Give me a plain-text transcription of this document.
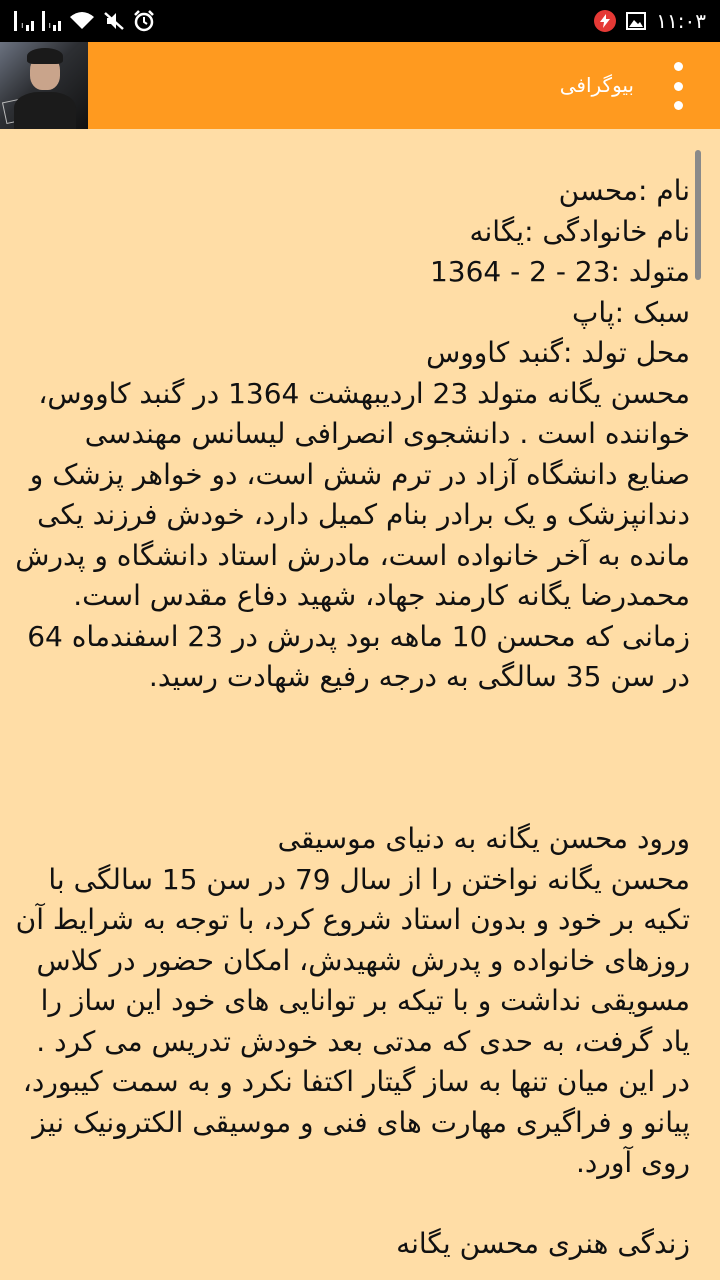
ı	ı	۱۱:۰۳
بیوگرافی

نام :محسن
نام خانوادگی :یگانه
متولد :23 - 2 - 1364
سبک :پاپ
محل تولد :گنبد کاووس
محسن یگانه متولد 23 اردیبهشت 1364 در گنبد کاووس، خواننده است . دانشجوی انصرافی لیسانس مهندسی صنایع دانشگاه آزاد در ترم شش است، دو خواهر پزشک و دندانپزشک و یک برادر بنام کمیل دارد، خودش فرزند یکی مانده به آخر خانواده است، مادرش استاد دانشگاه و پدرش محمدرضا یگانه کارمند جهاد، شهید دفاع مقدس است. زمانی که محسن 10 ماهه بود پدرش در 23 اسفندماه 64 در سن 35 سالگی به درجه رفیع شهادت رسید.

ورود محسن یگانه به دنیای موسیقی
محسن یگانه نواختن را از سال 79 در سن 15 سالگی با تکیه بر خود و بدون استاد شروع کرد، با توجه به شرایط آن روزهای خانواده و پدرش شهیدش، امکان حضور در کلاس مسویقی نداشت و با تیکه بر توانایی های خود این ساز را یاد گرفت، به حدی که مدتی بعد خودش تدریس می کرد . در این میان تنها به ساز گیتار اکتفا نکرد و به سمت کیبورد، پیانو و فراگیری مهارت های فنی و موسیقی الکترونیک نیز روی آورد.

زندگی هنری محسن یگانه
